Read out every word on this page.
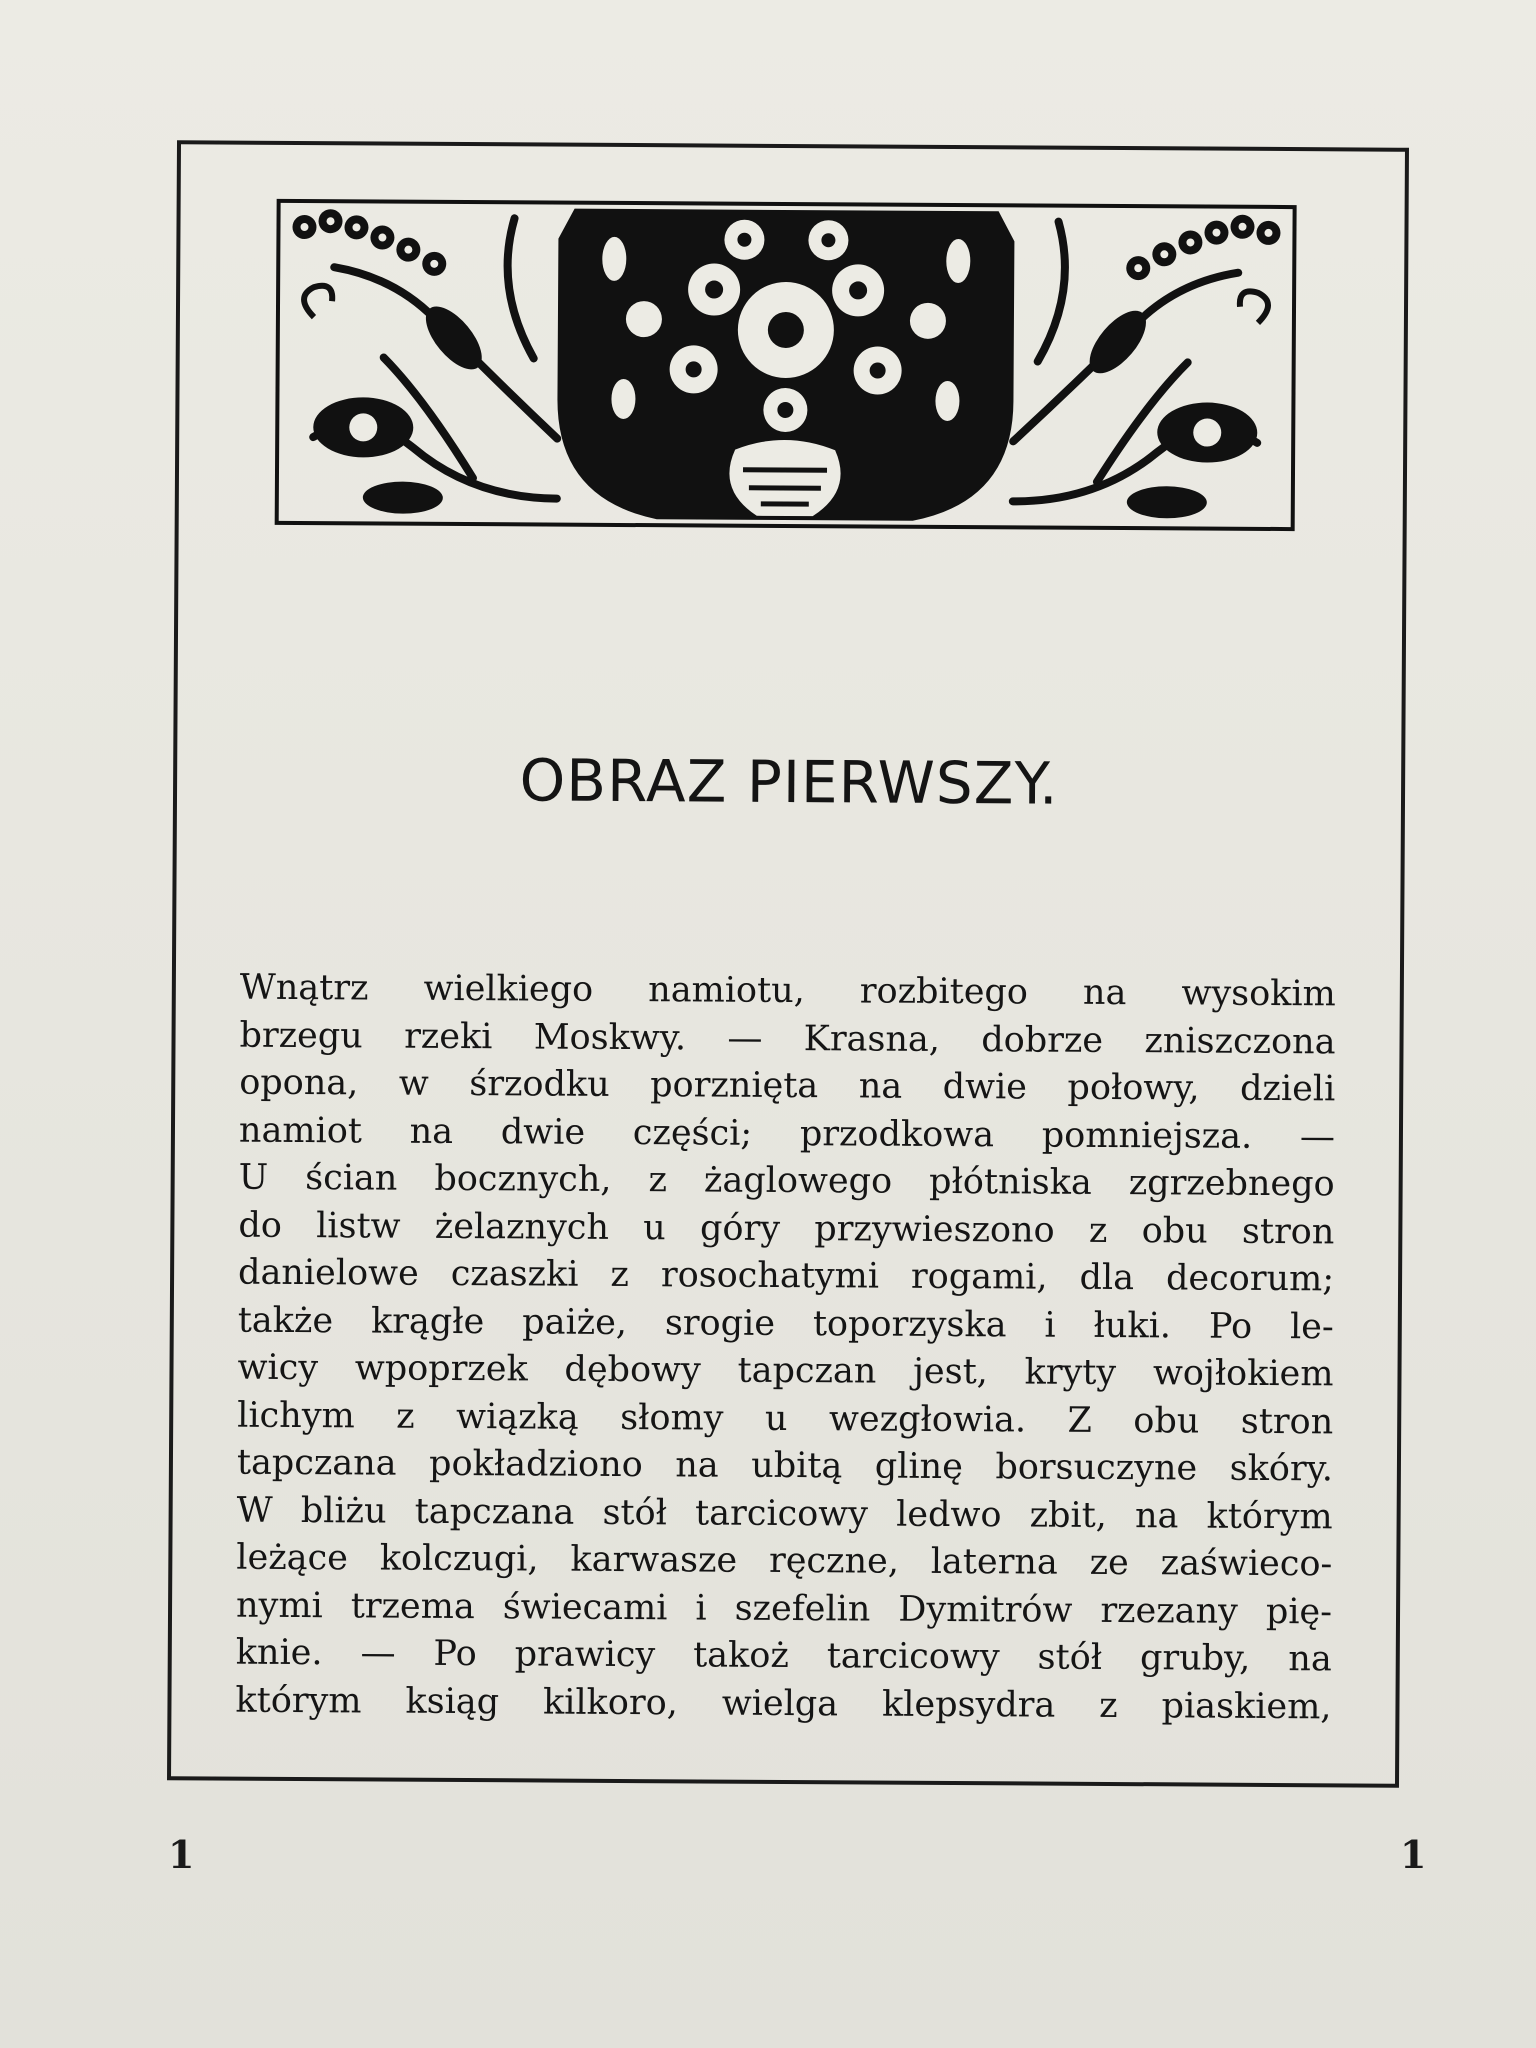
OBRAZ PIERWSZY.
Wnątrz wielkiego namiotu, rozbitego na wysokim
brzegu rzeki Moskwy. — Krasna, dobrze zniszczona
opona, w śrzodku porznięta na dwie połowy, dzieli
namiot na dwie części; przodkowa pomniejsza. —
U ścian bocznych, z żaglowego płótniska zgrzebnego
do listw żelaznych u góry przywieszono z obu stron
danielowe czaszki z rosochatymi rogami, dla decorum;
także krągłe paiże, srogie toporzyska i łuki. Po le-
wicy wpoprzek dębowy tapczan jest, kryty wojłokiem
lichym z wiązką słomy u wezgłowia. Z obu stron
tapczana pokładziono na ubitą glinę borsuczyne skóry.
W bliżu tapczana stół tarcicowy ledwo zbit, na którym
leżące kolczugi, karwasze ręczne, laterna ze zaświeco-
nymi trzema świecami i szefelin Dymitrów rzezany pię-
knie. — Po prawicy takoż tarcicowy stół gruby, na
którym ksiąg kilkoro, wielga klepsydra z piaskiem,
1	1
